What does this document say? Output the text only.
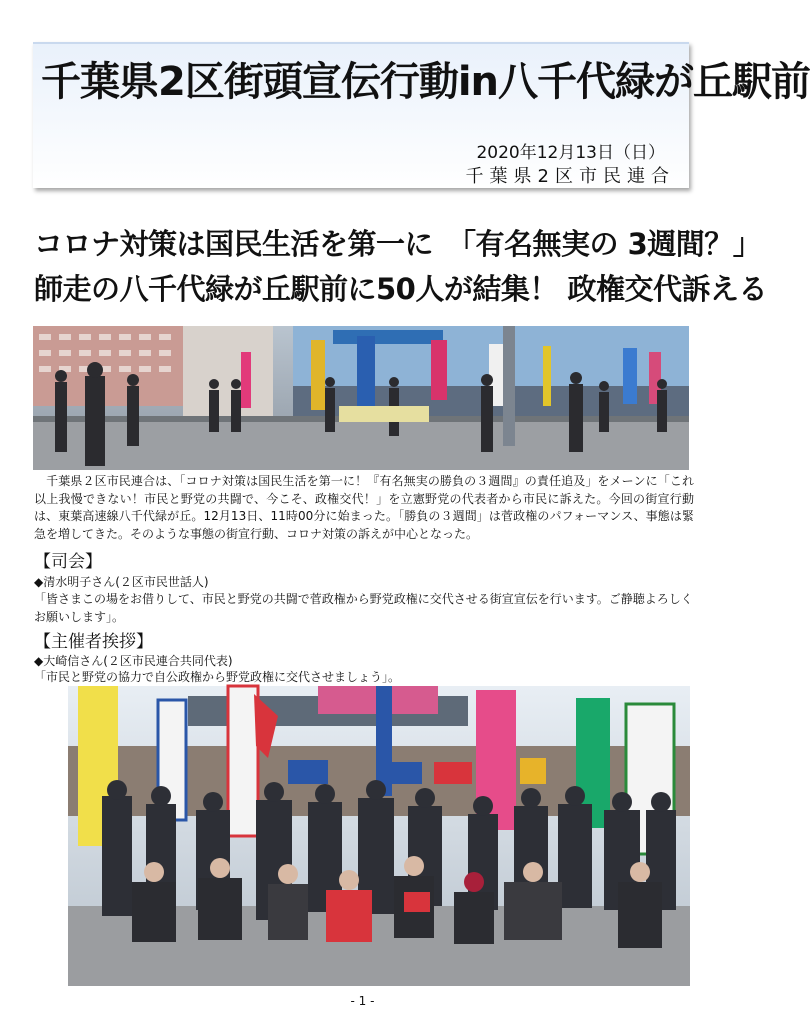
千葉県2区街頭宣伝行動in八千代緑が丘駅前
2020年12月13日（日）
千葉県2区市民連合
コロナ対策は国民生活を第一に　「有名無実の 3週間？」
師走の八千代緑が丘駅前に50人が結集！ 政権交代訴える
　千葉県２区市民連合は、「コロナ対策は国民生活を第一に！『有名無実の勝負の３週間』の責任追及」をメーンに「これ以上我慢できない！市民と野党の共闘で、今こそ、政権交代！」を立憲野党の代表者から市民に訴えた。今回の街宣行動は、東葉高速線八千代緑が丘。12月13日、11時00分に始まった。「勝負の３週間」は菅政権のパフォーマンス、事態は緊急を増してきた。そのような事態の街宣行動、コロナ対策の訴えが中心となった。
【司会】
◆清水明子さん(２区市民世話人)
「皆さまこの場をお借りして、市民と野党の共闘で菅政権から野党政権に交代させる街宣宣伝を行います。ご静聴よろしくお願いします」。
【主催者挨拶】
◆大崎信さん(２区市民連合共同代表)
「市民と野党の協力で自公政権から野党政権に交代させましょう」。
- 1 -
